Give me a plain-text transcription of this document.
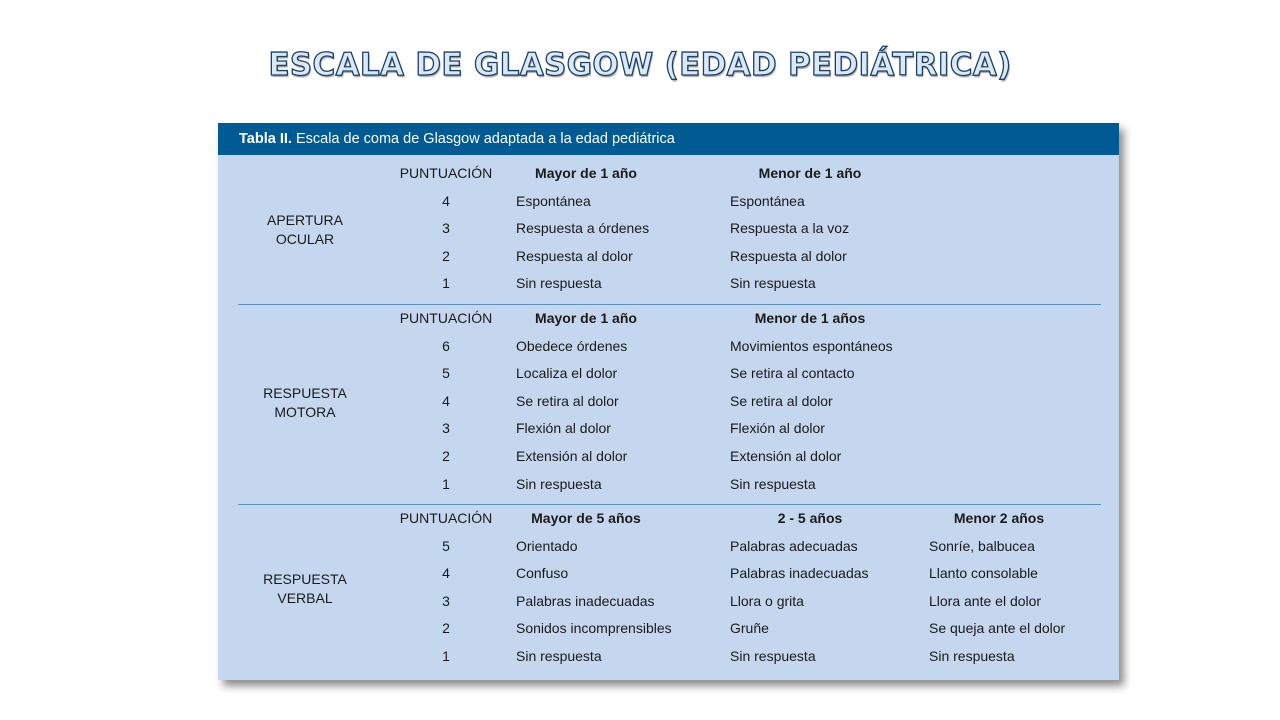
ESCALA DE GLASGOW (EDAD PEDIÁTRICA)
Tabla II. Escala de coma de Glasgow adaptada a la edad pediátrica
APERTURA
OCULAR
PUNTUACIÓN	Mayor de 1 año	Menor de 1 año
4	Espontánea	Espontánea
3	Respuesta a órdenes	Respuesta a la voz
2	Respuesta al dolor	Respuesta al dolor
1	Sin respuesta	Sin respuesta
RESPUESTA
MOTORA
PUNTUACIÓN	Mayor de 1 año	Menor de 1 años
6	Obedece órdenes	Movimientos espontáneos
5	Localiza el dolor	Se retira al contacto
4	Se retira al dolor	Se retira al dolor
3	Flexión al dolor	Flexión al dolor
2	Extensión al dolor	Extensión al dolor
1	Sin respuesta	Sin respuesta
RESPUESTA
VERBAL
PUNTUACIÓN	Mayor de 5 años	2 - 5 años	Menor 2 años
5	Orientado	Palabras adecuadas	Sonríe, balbucea
4	Confuso	Palabras inadecuadas	Llanto consolable
3	Palabras inadecuadas	Llora o grita	Llora ante el dolor
2	Sonidos incomprensibles	Gruñe	Se queja ante el dolor
1	Sin respuesta	Sin respuesta	Sin respuesta
